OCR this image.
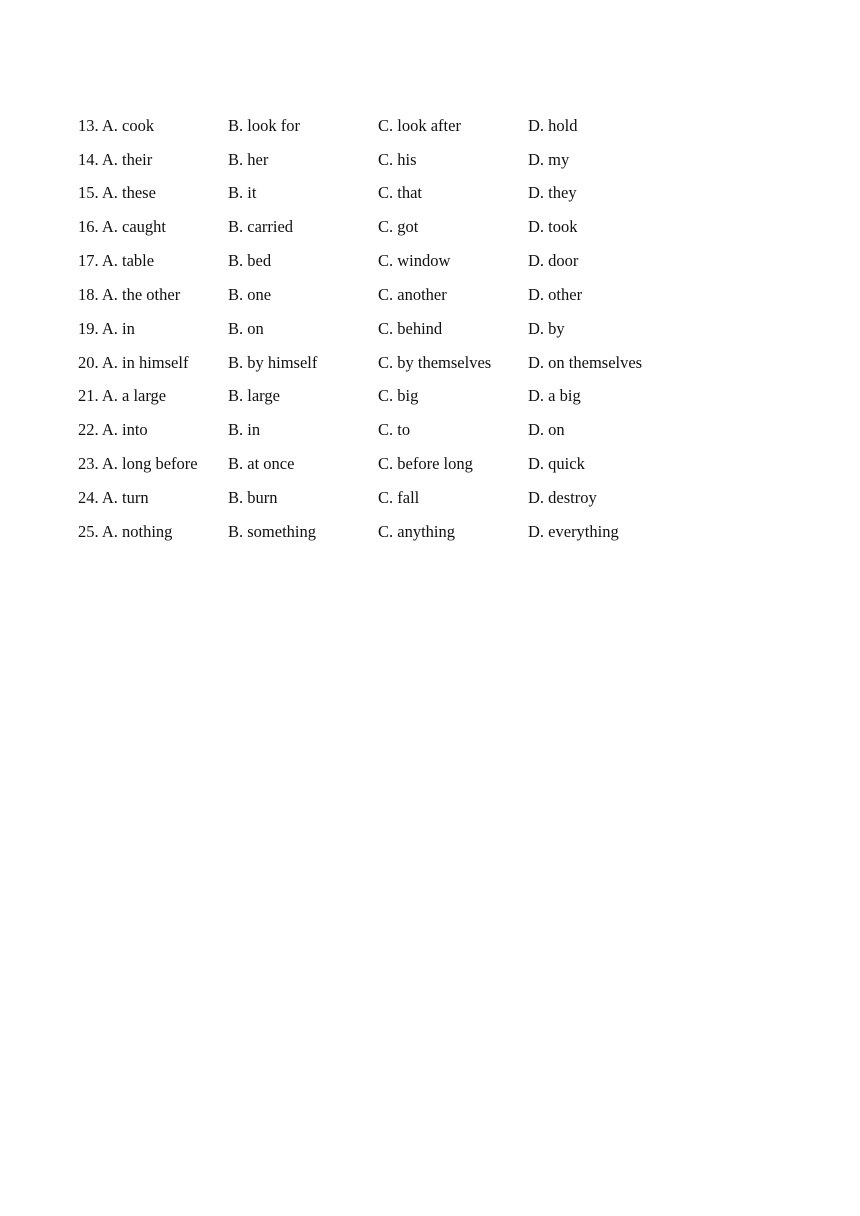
13. A. cook	B. look for	C. look after	D. hold
14. A. their	B. her	C. his	D. my
15. A. these	B. it	C. that	D. they
16. A. caught	B. carried	C. got	D. took
17. A. table	B. bed	C. window	D. door
18. A. the other	B. one	C. another	D. other
19. A. in	B. on	C. behind	D. by
20. A. in himself	B. by himself	C. by themselves	D. on themselves
21. A. a large	B. large	C. big	D. a big
22. A. into	B. in	C. to	D. on
23. A. long before	B. at once	C. before long	D. quick
24. A. turn	B. burn	C. fall	D. destroy
25. A. nothing	B. something	C. anything	D. everything
